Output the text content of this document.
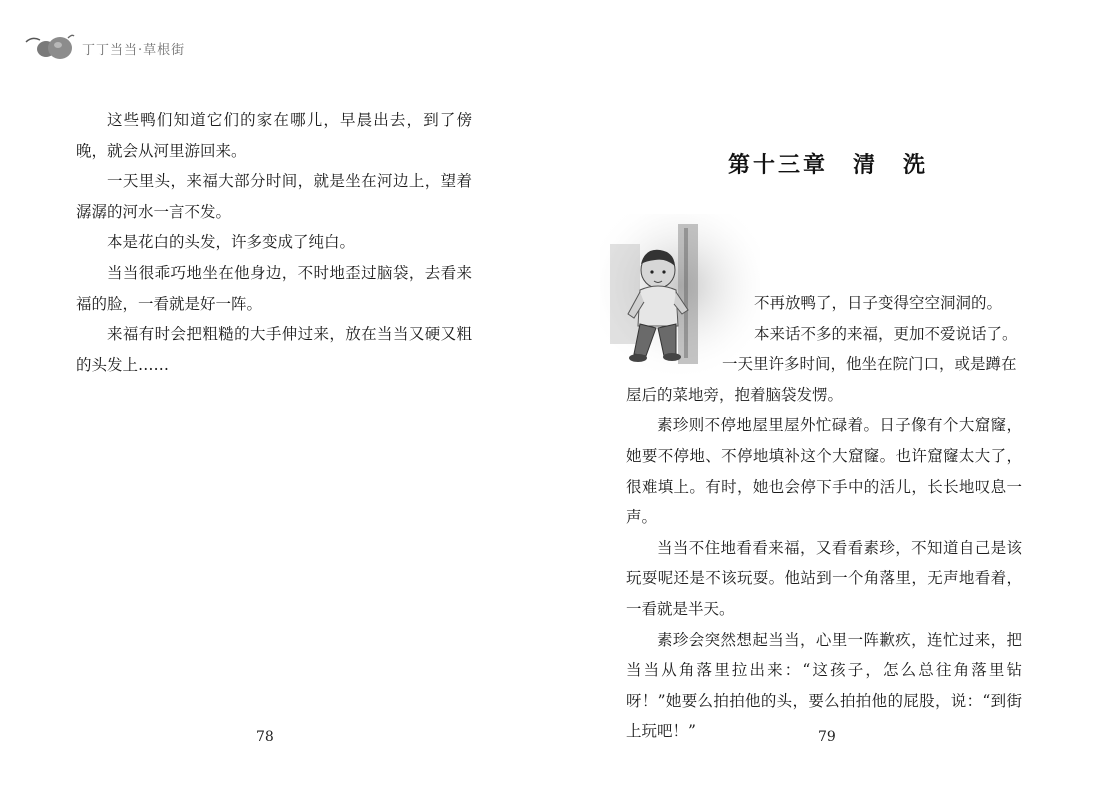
丁丁当当·草根街

这些鸭们知道它们的家在哪儿，早晨出去，到了傍晚，就会从河里游回来。

一天里头，来福大部分时间，就是坐在河边上，望着潺潺的河水一言不发。

本是花白的头发，许多变成了纯白。

当当很乖巧地坐在他身边，不时地歪过脑袋，去看来福的脸，一看就是好一阵。

来福有时会把粗糙的大手伸过来，放在当当又硬又粗的头发上……

78
第十三章　清　洗

不再放鸭了，日子变得空空洞洞的。

本来话不多的来福，更加不爱说话了。

一天里许多时间，他坐在院门口，或是蹲在

屋后的菜地旁，抱着脑袋发愣。

素珍则不停地屋里屋外忙碌着。日子像有个大窟窿，她要不停地、不停地填补这个大窟窿。也许窟窿太大了，很难填上。有时，她也会停下手中的活儿，长长地叹息一声。

当当不住地看看来福，又看看素珍，不知道自己是该玩耍呢还是不该玩耍。他站到一个角落里，无声地看着，一看就是半天。

素珍会突然想起当当，心里一阵歉疚，连忙过来，把当当从角落里拉出来：“这孩子，怎么总往角落里钻呀！”她要么拍拍他的头，要么拍拍他的屁股，说：“到街上玩吧！”	79
